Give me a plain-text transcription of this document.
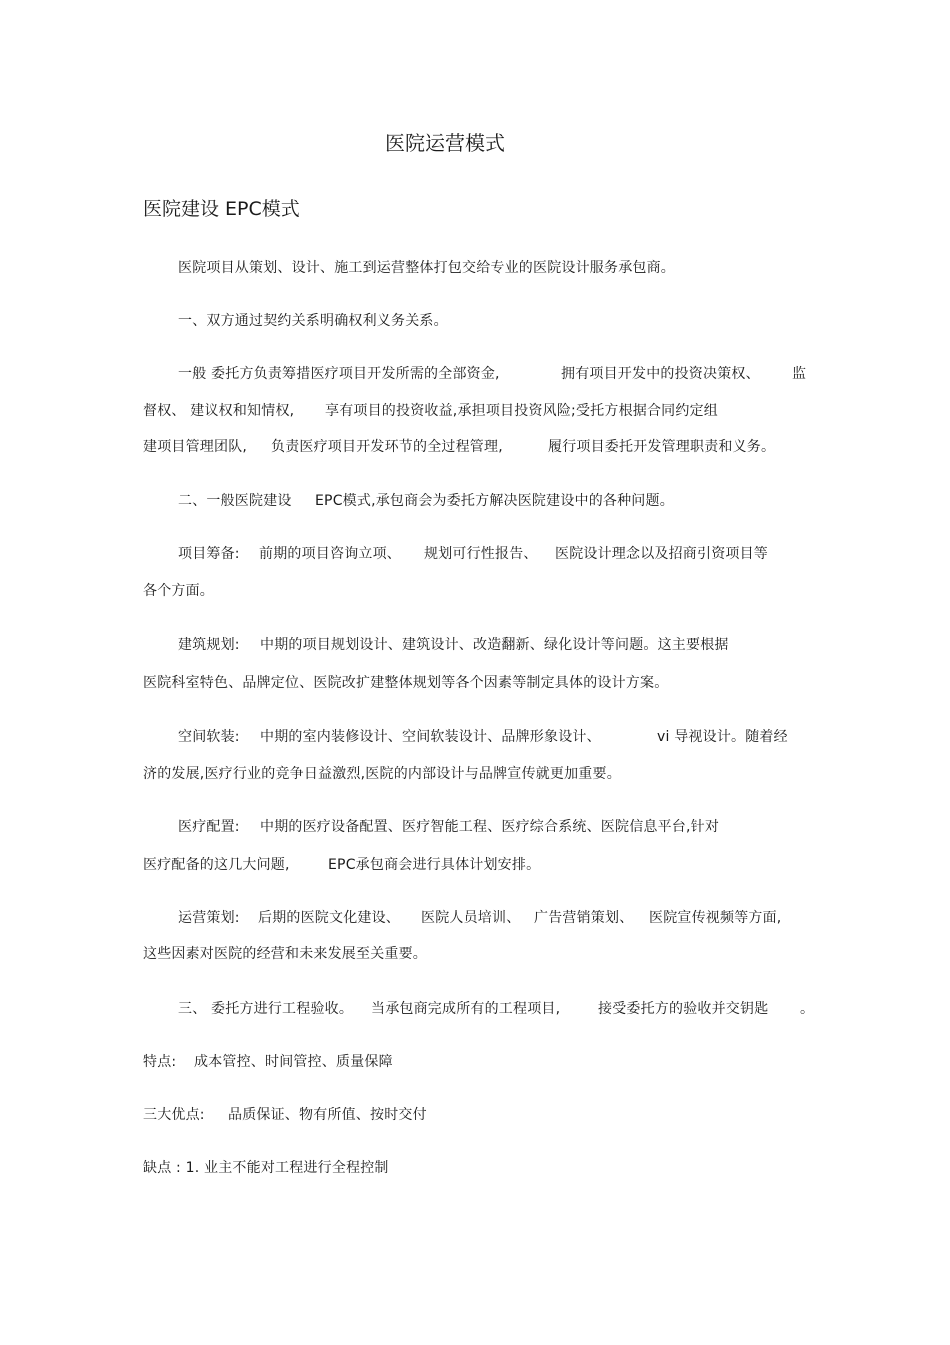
医院运营模式
医院建设 EPC模式
医院项目从策划、设计、施工到运营整体打包交给专业的医院设计服务承包商。
一、双方通过契约关系明确权利义务关系。
一般 委托方负责筹措医疗项目开发所需的全部资金,	拥有项目开发中的投资决策权、 监
督权、 建议权和知情权, 享有项目的投资收益,承担项目投资风险;受托方根据合同约定组
建项目管理团队, 负责医疗项目开发环节的全过程管理,	履行项目委托开发管理职责和义务。
二、一般医院建设 EPC模式,承包商会为委托方解决医院建设中的各种问题。
项目筹备: 前期的项目咨询立项、 规划可行性报告、 医院设计理念以及招商引资项目等
各个方面。
建筑规划: 中期的项目规划设计、建筑设计、改造翻新、绿化设计等问题。这主要根据
医院科室特色、品牌定位、医院改扩建整体规划等各个因素等制定具体的设计方案。
空间软装: 中期的室内装修设计、空间软装设计、品牌形象设计、	vi 导视设计。随着经
济的发展,医疗行业的竞争日益激烈,医院的内部设计与品牌宣传就更加重要。
医疗配置: 中期的医疗设备配置、医疗智能工程、医疗综合系统、医院信息平台,针对
医疗配备的这几大问题,	EPC承包商会进行具体计划安排。
运营策划: 后期的医院文化建设、 医院人员培训、 广告营销策划、 医院宣传视频等方面,
这些因素对医院的经营和未来发展至关重要。
三、 委托方进行工程验收。 当承包商完成所有的工程项目,	接受委托方的验收并交钥匙 。
特点: 成本管控、时间管控、质量保障
三大优点: 品质保证、物有所值、按时交付
缺点 : 1. 业主不能对工程进行全程控制
